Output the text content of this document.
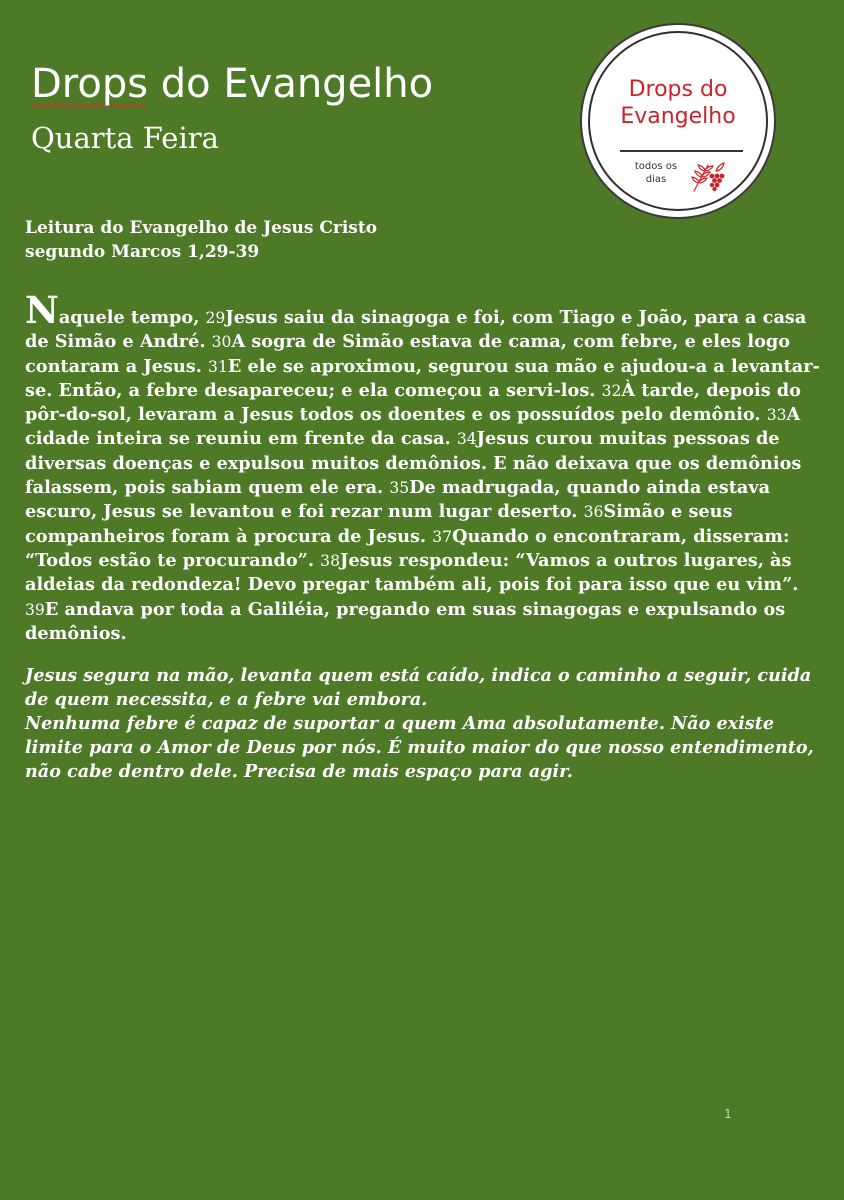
Drops do Evangelho
Quarta Feira
Drops do
Evangelho
todos os dias
Leitura do Evangelho de Jesus Cristo
segundo Marcos 1,29-39
Naquele tempo, 29Jesus saiu da sinagoga e foi, com Tiago e João, para a casa de Simão e André. 30A sogra de Simão estava de cama, com febre, e eles logo contaram a Jesus. 31E ele se aproximou, segurou sua mão e ajudou-a a levantar-se. Então, a febre desapareceu; e ela começou a servi-los. 32À tarde, depois do pôr-do-sol, levaram a Jesus todos os doentes e os possuídos pelo demônio. 33A cidade inteira se reuniu em frente da casa. 34Jesus curou muitas pessoas de diversas doenças e expulsou muitos demônios. E não deixava que os demônios falassem, pois sabiam quem ele era. 35De madrugada, quando ainda estava escuro, Jesus se levantou e foi rezar num lugar deserto. 36Simão e seus companheiros foram à procura de Jesus. 37Quando o encontraram, disseram: “Todos estão te procurando”. 38Jesus respondeu: “Vamos a outros lugares, às aldeias da redondeza! Devo pregar também ali, pois foi para isso que eu vim”. 39E andava por toda a Galiléia, pregando em suas sinagogas e expulsando os demônios.

Jesus segura na mão, levanta quem está caído, indica o caminho a seguir, cuida de quem necessita, e a febre vai embora.

Nenhuma febre é capaz de suportar a quem Ama absolutamente. Não existe limite para o Amor de Deus por nós. É muito maior do que nosso entendimento, não cabe dentro dele. Precisa de mais espaço para agir.

1
